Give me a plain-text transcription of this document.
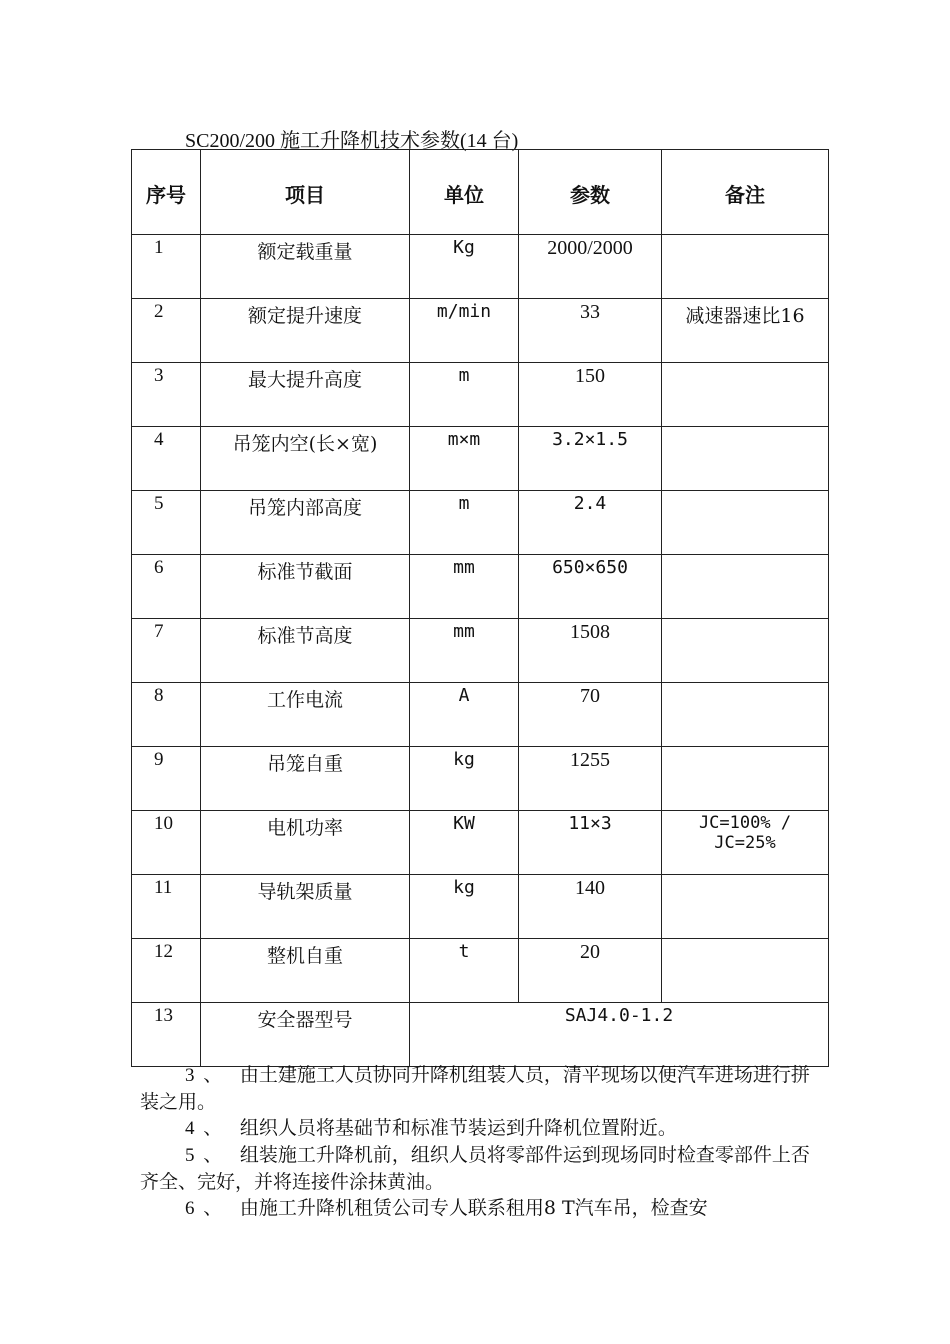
SC200/200 施工升降机技术参数(14 台)
序号	项目	单位	参数	备注
1	额定载重量	Kg	2000/2000	
2	额定提升速度	m/min	33	减速器速比16
3	最大提升高度	m	150	
4	吊笼内空(长×宽)	m×m	3.2×1.5	
5	吊笼内部高度	m	2.4	
6	标准节截面	mm	650×650	
7	标准节高度	mm	1508	
8	工作电流	A	70	
9	吊笼自重	kg	1255	
10	电机功率	KW	11×3	JC=100% / JC=25%
11	导轨架质量	kg	140	
12	整机自重	t	20	
13	安全器型号	SAJ4.0-1.2		

3 、　 由土建施工人员协同升降机组装人员，清平现场以便汽车进场进行拼装之用。

4 、　 组织人员将基础节和标准节装运到升降机位置附近。

5 、　 组装施工升降机前，组织人员将零部件运到现场同时检查零部件上否齐全、完好，并将连接件涂抹黄油。

6 、　 由施工升降机租赁公司专人联系租用8 T汽车吊，检查安
